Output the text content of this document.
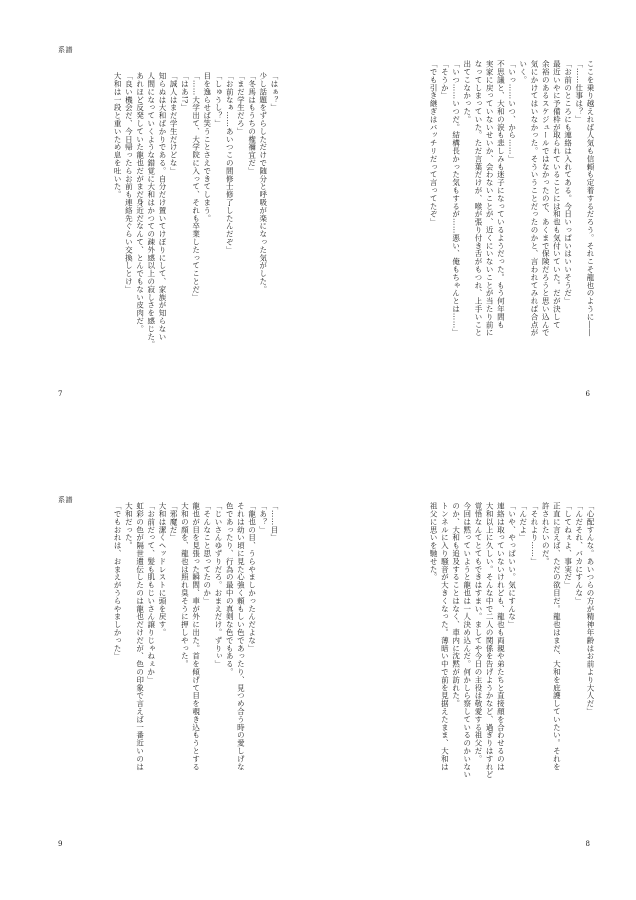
系譜
「はぁ？」
少し話題をずらしただけで随分と呼吸が楽になった気がした。
「冬馬はもうちの権禰宜だ」
「まだ学生だろ」
「お前なぁ……あいつこの間修士修了したんだぞ」
「しゅうし？」
目を逸らせば笑うことさえできてしまう。
「……大学出て、大学院に入って、それも卒業したってことだ」
「はあ!?」
「誠人はまだ学生だけどな」
知らぬは大和ばかりである。自分だけ置いてけぼりにして、家族が知らない
人間になっていくような錯覚に大和はかつての疎外感以上の寂しさを感じた。
あれほど反発していた龍也だがまだ身近だなんて、とんでもない皮肉だ。
「良い機会だ、今日帰ったらお前も連絡先ぐらい交換しとけ」
大和は一段と重いため息を吐いた。
7
ここを乗り越えれば人気も信頼も定着するだろう。それこそ龍也のように――
「……仕事は？」
「お前のところにも連絡は入れてある。今日いっぱいはいいそうだ」
最近いやに予備枠が取られていることには和也も気付いていた。だが決して
余裕のあるスケジュールではなかったので、あくまで保険だろうと思い込んで
気にかけてはいなかった。そういうことだったのかと、言われてみれば合点が
いく。
「いっ……いつ、から……」
不思議と、大和の涙も悲しみも迷子になっているようだった。もう何年間も
実家に戻っていないせいか、会わないことが、近くにいないことが当たり前に
なってしまっていた。ただ言葉だけが、喉が張り付き舌がもつれ、上手いこと
出てこなかった。
「いつ……いつだ。結構長かった気もするが……悪い、俺もちゃんとは……」
「そうか」
「でも引き継ぎはバッチリだって言ってたぞ」
6
系譜
「……目」
「あ？」
「龍也の目、うらやましかったんだよな」
それは幼い頃に見た心強く頼もしい色であったり、見つめ合う時の愛しげな
色であったり、行為の最中の真剣な色でもある。
「じいさんゆずりだろ。おまえだけ。ずりぃ」
「そんなこと思ってたのか」
龍也が目を見張った瞬間、車が外に出た。首を傾げて目を覗き込もうとする
大和の顔を、龍也は照れ臭そうに押しやった。
「邪魔だ」
大和は潔くヘッドレストに頭を戻す。
「お前だって、髪も肌もじいさん譲りじゃねぇか」
虹彩の色が隔世遺伝したのは龍也だけだが、色の印象で言えば一番近いのは
大和だった。
「でもおれは、おまえがうらやましかった」
9
「心配すんな。あいつらの方が精神年齢はお前より大人だ」
「んだそれ、バカにすんな」
「してねぇよ、事実だ」
正直に言えば、ただの欲目だ。龍也はまだ、大和を庇護していたい。それを
許されたいのだ。
「それより……」
「んだよ」
「いや、やっぱいい。気にすんな」
連絡は取っていないけれども、龍也も両親や弟たちと直接顔を合わせるのは
大和以上に久しい。そんな中で二人の関係を告げようかなど、過ぎりはすれど
覚悟なんてとてもできはすまい。ましてや今日の主役は敬愛する祖父だ。
今回は黙っていようと龍也は一人決め込んだ。何かしら察しているのかいない
のか、大和も追及することはなく、車内に沈黙が訪れた。
トンネルに入り騒音が大きくなった。薄暗い中で前を見据えたまま、大和は
祖父に思いを馳せた。
8
